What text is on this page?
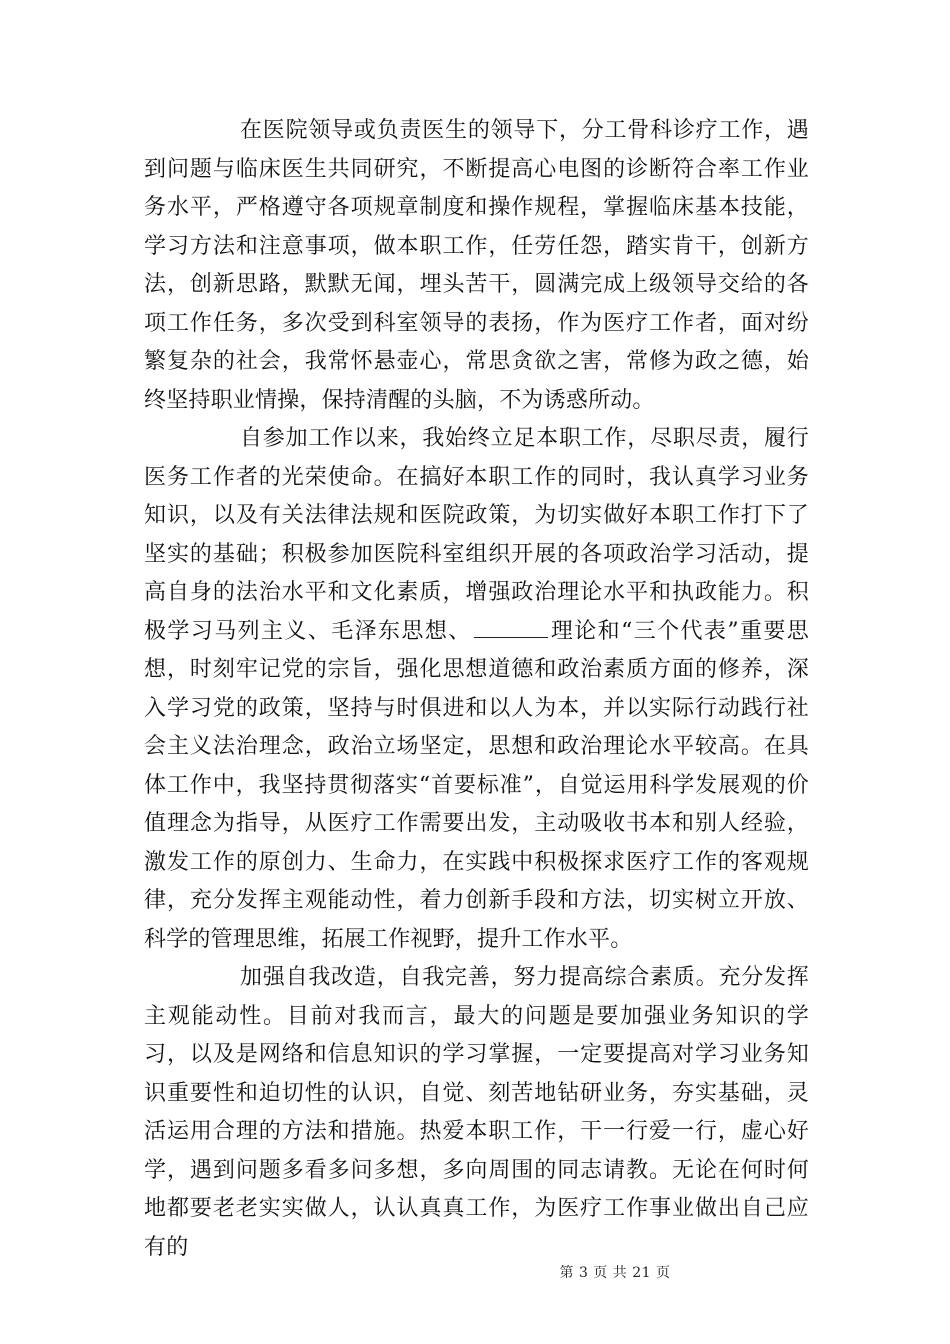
在医院领导或负责医生的领导下，分工骨科诊疗工作，遇到问题与临床医生共同研究，不断提高心电图的诊断符合率工作业务水平，严格遵守各项规章制度和操作规程，掌握临床基本技能，学习方法和注意事项，做本职工作，任劳任怨，踏实肯干，创新方法，创新思路，默默无闻，埋头苦干，圆满完成上级领导交给的各项工作任务，多次受到科室领导的表扬，作为医疗工作者，面对纷繁复杂的社会，我常怀悬壶心，常思贪欲之害，常修为政之德，始终坚持职业情操，保持清醒的头脑，不为诱惑所动。

自参加工作以来，我始终立足本职工作，尽职尽责，履行医务工作者的光荣使命。在搞好本职工作的同时，我认真学习业务知识，以及有关法律法规和医院政策，为切实做好本职工作打下了坚实的基础；积极参加医院科室组织开展的各项政治学习活动，提高自身的法治水平和文化素质，增强政治理论水平和执政能力。积极学习马列主义、毛泽东思想、	理论和“三个代表”重要思想，时刻牢记党的宗旨，强化思想道德和政治素质方面的修养，深入学习党的政策，坚持与时俱进和以人为本，并以实际行动践行社会主义法治理念，政治立场坚定，思想和政治理论水平较高。在具体工作中，我坚持贯彻落实“首要标准”，自觉运用科学发展观的价值理念为指导，从医疗工作需要出发，主动吸收书本和别人经验，激发工作的原创力、生命力，在实践中积极探求医疗工作的客观规律，充分发挥主观能动性，着力创新手段和方法，切实树立开放、科学的管理思维，拓展工作视野，提升工作水平。

加强自我改造，自我完善，努力提高综合素质。充分发挥主观能动性。目前对我而言，最大的问题是要加强业务知识的学习，以及是网络和信息知识的学习掌握，一定要提高对学习业务知识重要性和迫切性的认识，自觉、刻苦地钻研业务，夯实基础，灵活运用合理的方法和措施。热爱本职工作，干一行爱一行，虚心好学，遇到问题多看多问多想，多向周围的同志请教。无论在何时何地都要老老实实做人，认认真真工作，为医疗工作事业做出自己应有的

第 3 页 共 21 页
